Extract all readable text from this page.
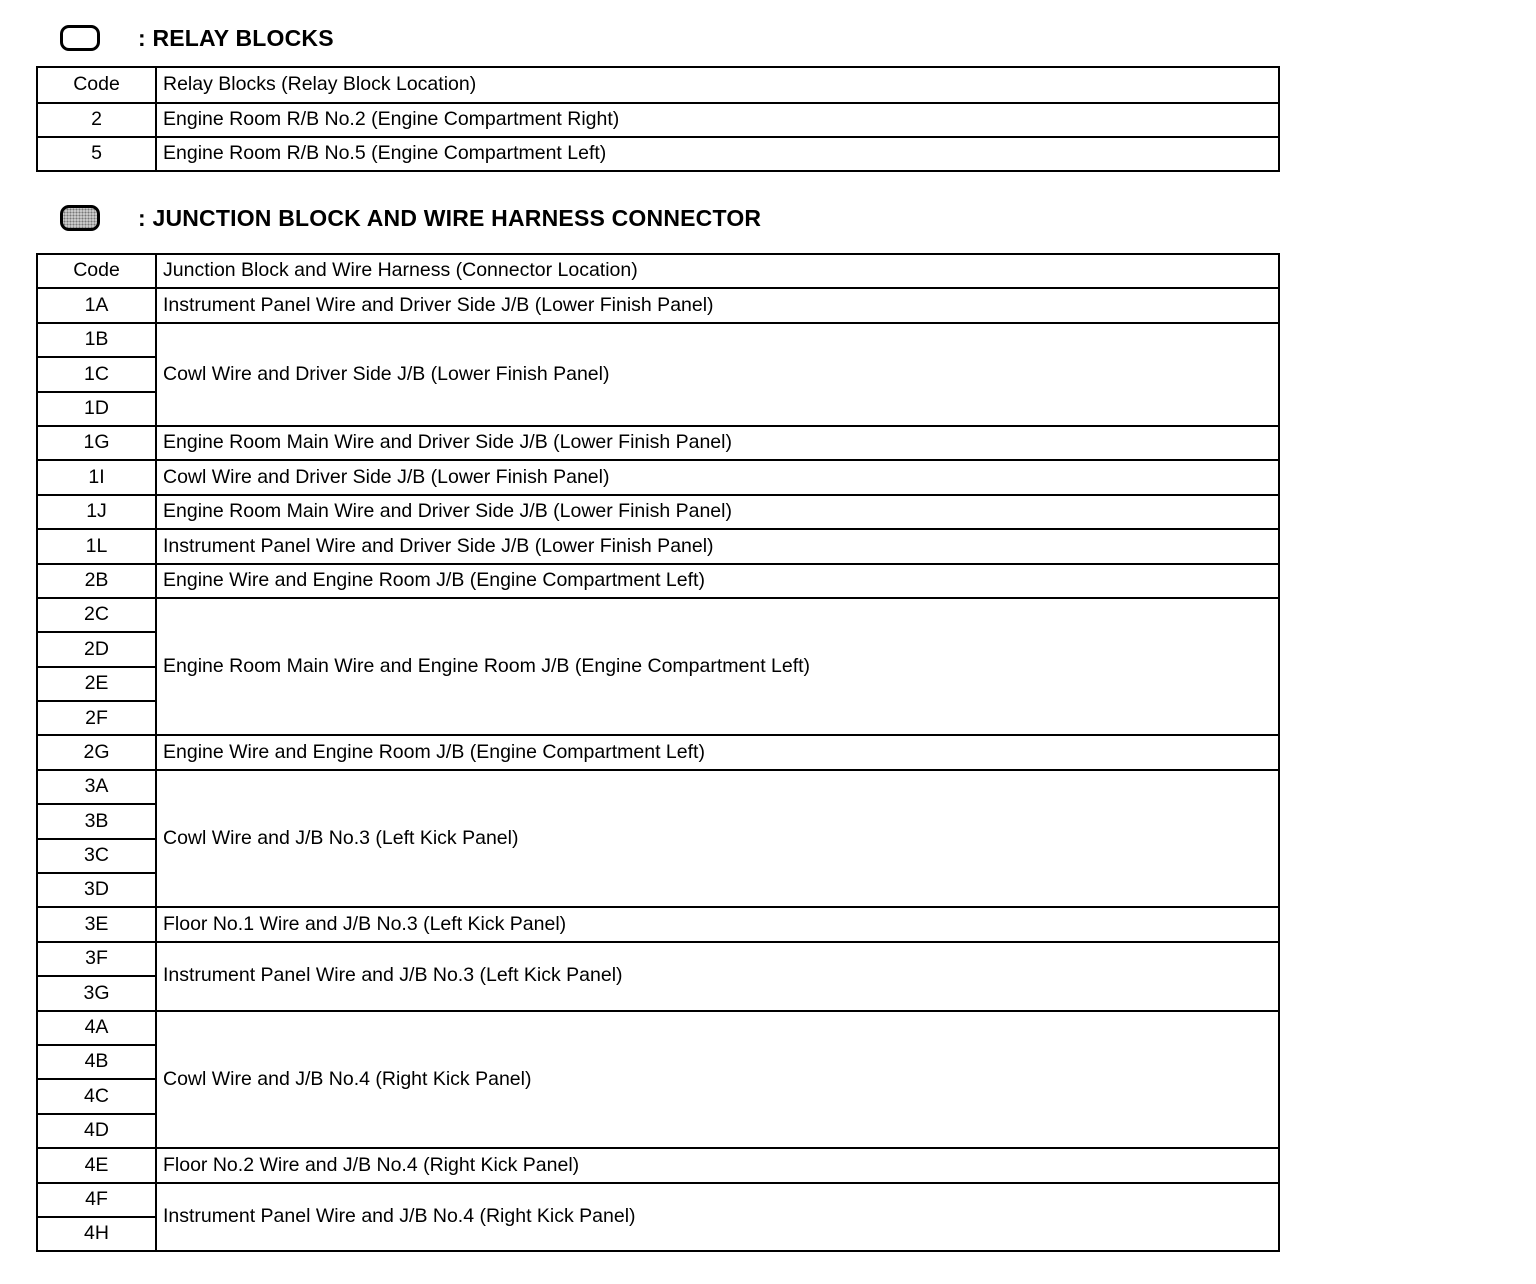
: RELAY BLOCKS
Code	Relay Blocks (Relay Block Location)
2	Engine Room R/B No.2 (Engine Compartment Right)
5	Engine Room R/B No.5 (Engine Compartment Left)
: JUNCTION BLOCK AND WIRE HARNESS CONNECTOR
Code	Junction Block and Wire Harness (Connector Location)
1A	Instrument Panel Wire and Driver Side J/B (Lower Finish Panel)
1B	Cowl Wire and Driver Side J/B (Lower Finish Panel)
1C	
1D	
1G	Engine Room Main Wire and Driver Side J/B (Lower Finish Panel)
1I	Cowl Wire and Driver Side J/B (Lower Finish Panel)
1J	Engine Room Main Wire and Driver Side J/B (Lower Finish Panel)
1L	Instrument Panel Wire and Driver Side J/B (Lower Finish Panel)
2B	Engine Wire and Engine Room J/B (Engine Compartment Left)
2C	Engine Room Main Wire and Engine Room J/B (Engine Compartment Left)
2D	
2E	
2F	
2G	Engine Wire and Engine Room J/B (Engine Compartment Left)
3A	Cowl Wire and J/B No.3 (Left Kick Panel)
3B	
3C	
3D	
3E	Floor No.1 Wire and J/B No.3 (Left Kick Panel)
3F	Instrument Panel Wire and J/B No.3 (Left Kick Panel)
3G	
4A	Cowl Wire and J/B No.4 (Right Kick Panel)
4B	
4C	
4D	
4E	Floor No.2 Wire and J/B No.4 (Right Kick Panel)
4F	Instrument Panel Wire and J/B No.4 (Right Kick Panel)
4H	
